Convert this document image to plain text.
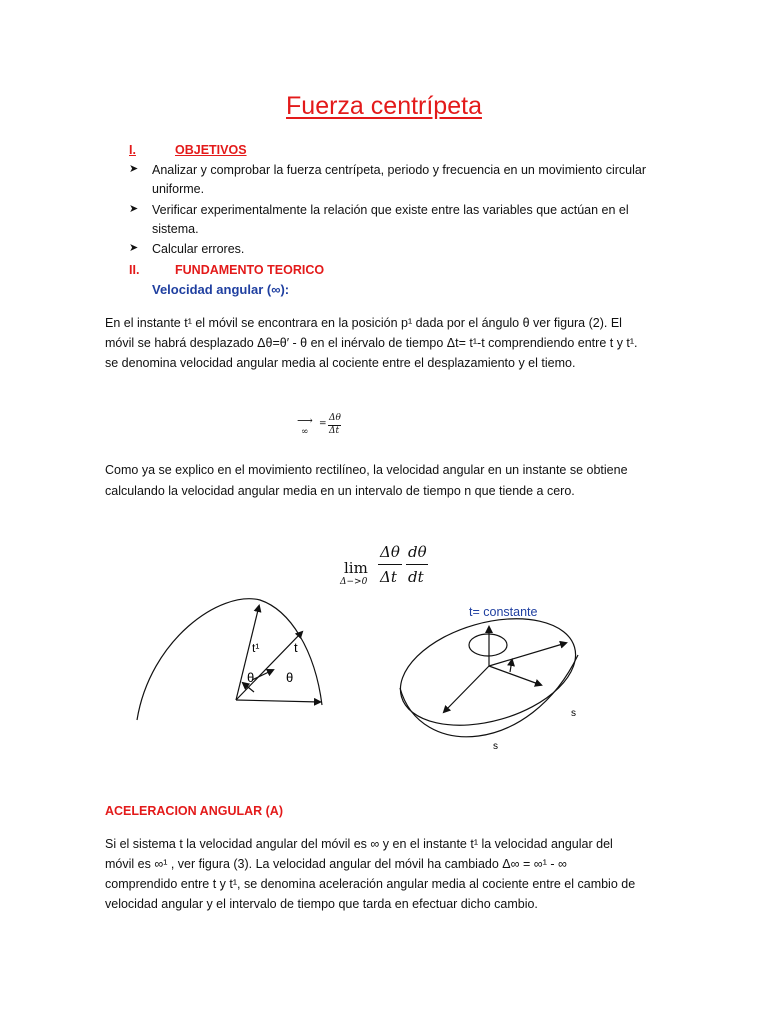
Fuerza centrípeta
I.	OBJETIVOS
➤ Analizar y comprobar la fuerza centrípeta, periodo y frecuencia en un movimiento circular
uniforme.
➤ Verificar experimentalmente la relación que existe entre las variables que actúan en el
sistema.
➤ Calcular errores.
II.	FUNDAMENTO TEORICO
Velocidad angular (∞):
En el instante t¹ el móvil se encontrara en la posición p¹ dada por el ángulo θ ver figura (2). El
móvil se habrá desplazado Δθ=θ′ - θ en el inérvalo de tiempo Δt= t¹-t comprendiendo entre t y t¹.
se denomina velocidad angular media al cociente entre el desplazamiento y el tiemo.
⟶
∞
=
Δθ
Δt
Como ya se explico en el movimiento rectilíneo, la velocidad angular en un instante se obtiene
calculando la velocidad angular media en un intervalo de tiempo n que tiende a cero.
lim
Δ−>0
Δθ
Δt
dθ
dt
t¹	t
θ θ
t= constante
s
s
ACELERACION ANGULAR (A)
Si el sistema t la velocidad angular del móvil es ∞ y en el instante t¹ la velocidad angular del
móvil es ∞¹ , ver figura (3). La velocidad angular del móvil ha cambiado Δ∞ = ∞¹ - ∞
comprendido entre t y t¹, se denomina aceleración angular media al cociente entre el cambio de
velocidad angular y el intervalo de tiempo que tarda en efectuar dicho cambio.
